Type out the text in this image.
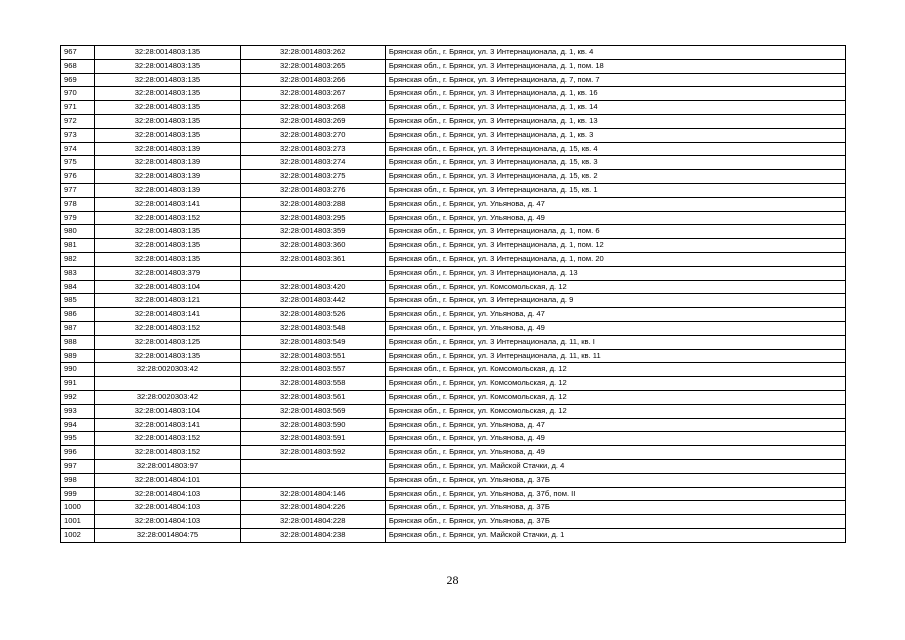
967	32:28:0014803:135	32:28:0014803:262	Брянская обл., г. Брянск, ул. 3 Интернационала, д. 1, кв. 4
968	32:28:0014803:135	32:28:0014803:265	Брянская обл., г. Брянск, ул. 3 Интернационала, д. 1, пом. 18
969	32:28:0014803:135	32:28:0014803:266	Брянская обл., г. Брянск, ул. 3 Интернационала, д. 7, пом. 7
970	32:28:0014803:135	32:28:0014803:267	Брянская обл., г. Брянск, ул. 3 Интернационала, д. 1, кв. 16
971	32:28:0014803:135	32:28:0014803:268	Брянская обл., г. Брянск, ул. 3 Интернационала, д. 1, кв. 14
972	32:28:0014803:135	32:28:0014803:269	Брянская обл., г. Брянск, ул. 3 Интернационала, д. 1, кв. 13
973	32:28:0014803:135	32:28:0014803:270	Брянская обл., г. Брянск, ул. 3 Интернационала, д. 1, кв. 3
974	32:28:0014803:139	32:28:0014803:273	Брянская обл., г. Брянск, ул. 3 Интернационала, д. 15, кв. 4
975	32:28:0014803:139	32:28:0014803:274	Брянская обл., г. Брянск, ул. 3 Интернационала, д. 15, кв. 3
976	32:28:0014803:139	32:28:0014803:275	Брянская обл., г. Брянск, ул. 3 Интернационала, д. 15, кв. 2
977	32:28:0014803:139	32:28:0014803:276	Брянская обл., г. Брянск, ул. 3 Интернационала, д. 15, кв. 1
978	32:28:0014803:141	32:28:0014803:288	Брянская обл., г. Брянск, ул. Ульянова, д. 47
979	32:28:0014803:152	32:28:0014803:295	Брянская обл., г. Брянск, ул. Ульянова, д. 49
980	32:28:0014803:135	32:28:0014803:359	Брянская обл., г. Брянск, ул. 3 Интернационала, д. 1, пом. 6
981	32:28:0014803:135	32:28:0014803:360	Брянская обл., г. Брянск, ул. 3 Интернационала, д. 1, пом. 12
982	32:28:0014803:135	32:28:0014803:361	Брянская обл., г. Брянск, ул. 3 Интернационала, д. 1, пом. 20
983	32:28:0014803:379		Брянская обл., г. Брянск, ул. 3 Интернационала, д. 13
984	32:28:0014803:104	32:28:0014803:420	Брянская обл., г. Брянск, ул. Комсомольская, д. 12
985	32:28:0014803:121	32:28:0014803:442	Брянская обл., г. Брянск, ул. 3 Интернационала, д. 9
986	32:28:0014803:141	32:28:0014803:526	Брянская обл., г. Брянск, ул. Ульянова, д. 47
987	32:28:0014803:152	32:28:0014803:548	Брянская обл., г. Брянск, ул. Ульянова, д. 49
988	32:28:0014803:125	32:28:0014803:549	Брянская обл., г. Брянск, ул. 3 Интернационала, д. 11, кв. I
989	32:28:0014803:135	32:28:0014803:551	Брянская обл., г. Брянск, ул. 3 Интернационала, д. 11, кв. 11
990	32:28:0020303:42	32:28:0014803:557	Брянская обл., г. Брянск, ул. Комсомольская, д. 12
991		32:28:0014803:558	Брянская обл., г. Брянск, ул. Комсомольская, д. 12
992	32:28:0020303:42	32:28:0014803:561	Брянская обл., г. Брянск, ул. Комсомольская, д. 12
993	32:28:0014803:104	32:28:0014803:569	Брянская обл., г. Брянск, ул. Комсомольская, д. 12
994	32:28:0014803:141	32:28:0014803:590	Брянская обл., г. Брянск, ул. Ульянова, д. 47
995	32:28:0014803:152	32:28:0014803:591	Брянская обл., г. Брянск, ул. Ульянова, д. 49
996	32:28:0014803:152	32:28:0014803:592	Брянская обл., г. Брянск, ул. Ульянова, д. 49
997	32:28:0014803:97		Брянская обл., г. Брянск, ул. Майской Стачки, д. 4
998	32:28:0014804:101		Брянская обл., г. Брянск, ул. Ульянова, д. 37Б
999	32:28:0014804:103	32:28:0014804:146	Брянская обл., г. Брянск, ул. Ульянова, д. 37б, пом. II
1000	32:28:0014804:103	32:28:0014804:226	Брянская обл., г. Брянск, ул. Ульянова, д. 37Б
1001	32:28:0014804:103	32:28:0014804:228	Брянская обл., г. Брянск, ул. Ульянова, д. 37Б
1002	32:28:0014804:75	32:28:0014804:238	Брянская обл., г. Брянск, ул. Майской Стачки, д. 1
28
